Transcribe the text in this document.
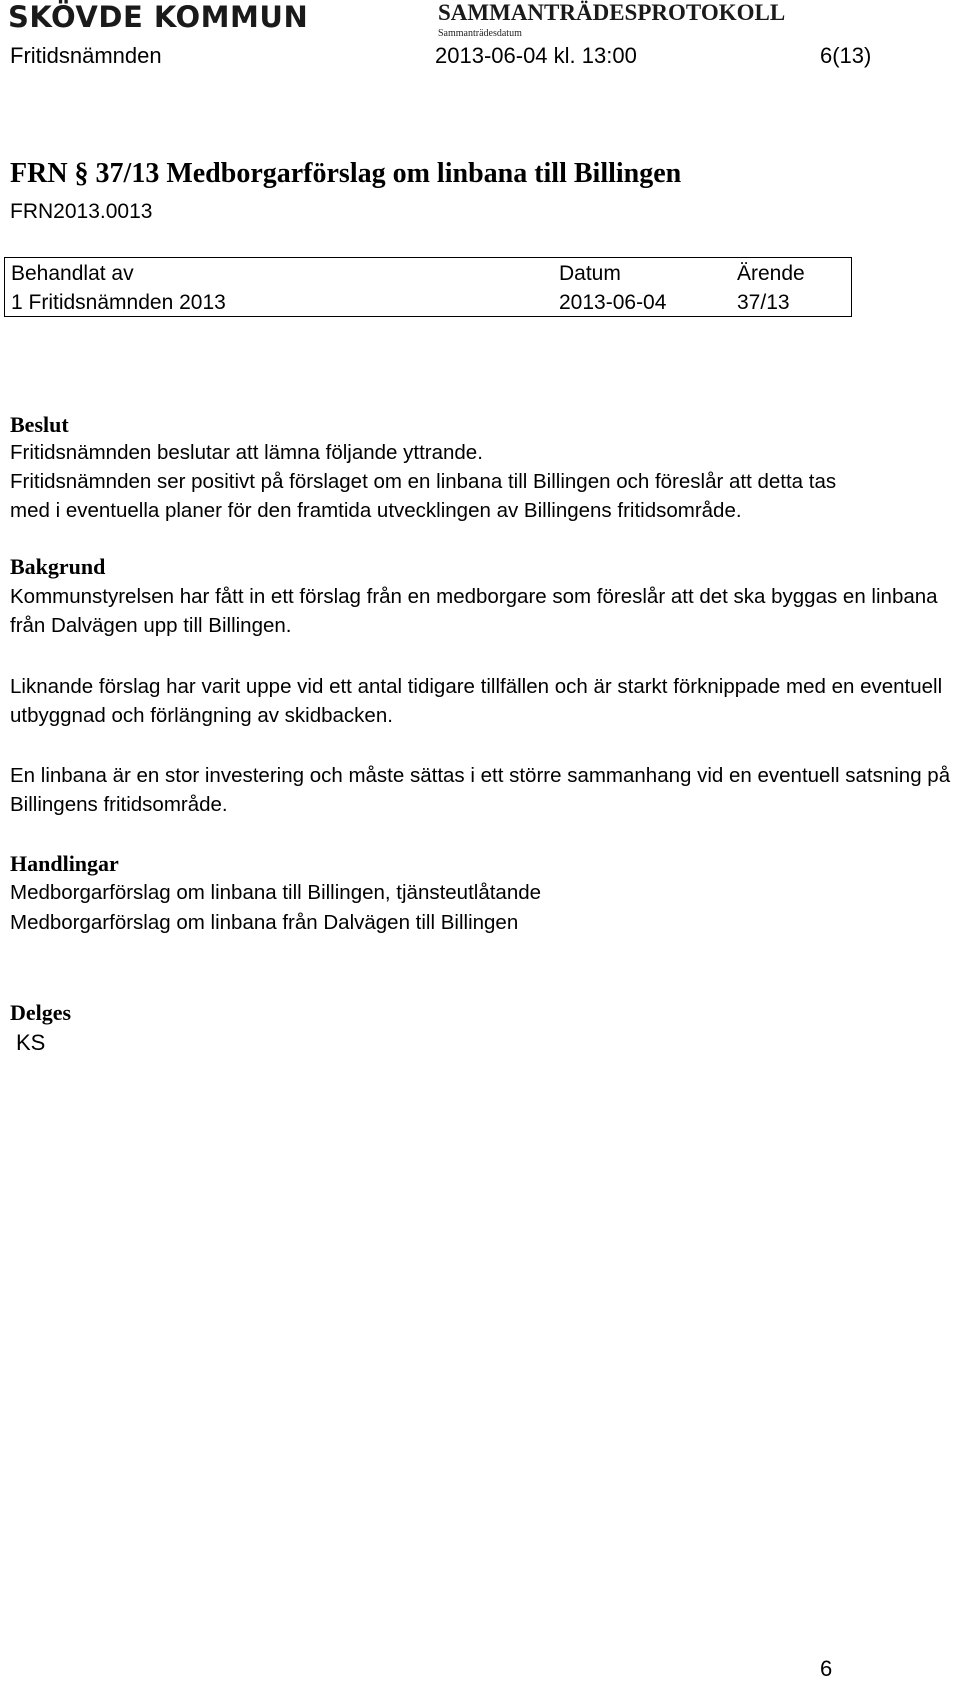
SKÖVDE KOMMUN	SAMMANTRÄDESPROTOKOLL
Sammanträdesdatum
Fritidsnämnden	2013-06-04 kl. 13:00	6(13)
FRN § 37/13 Medborgarförslag om linbana till Billingen
FRN2013.0013
Behandlat av	Datum	Ärende
1 Fritidsnämnden 2013	2013-06-04	37/13
Beslut
Fritidsnämnden beslutar att lämna följande yttrande.
Fritidsnämnden ser positivt på förslaget om en linbana till Billingen och föreslår att detta tas
med i eventuella planer för den framtida utvecklingen av Billingens fritidsområde.
Bakgrund

Kommunstyrelsen har fått in ett förslag från en medborgare som föreslår att det ska byggas en linbana från Dalvägen upp till Billingen.

Liknande förslag har varit uppe vid ett antal tidigare tillfällen och är starkt förknippade med en eventuell utbyggnad och förlängning av skidbacken.

En linbana är en stor investering och måste sättas i ett större sammanhang vid en eventuell satsning på Billingens fritidsområde.

Handlingar
Medborgarförslag om linbana till Billingen, tjänsteutlåtande
Medborgarförslag om linbana från Dalvägen till Billingen
Delges
KS
6
